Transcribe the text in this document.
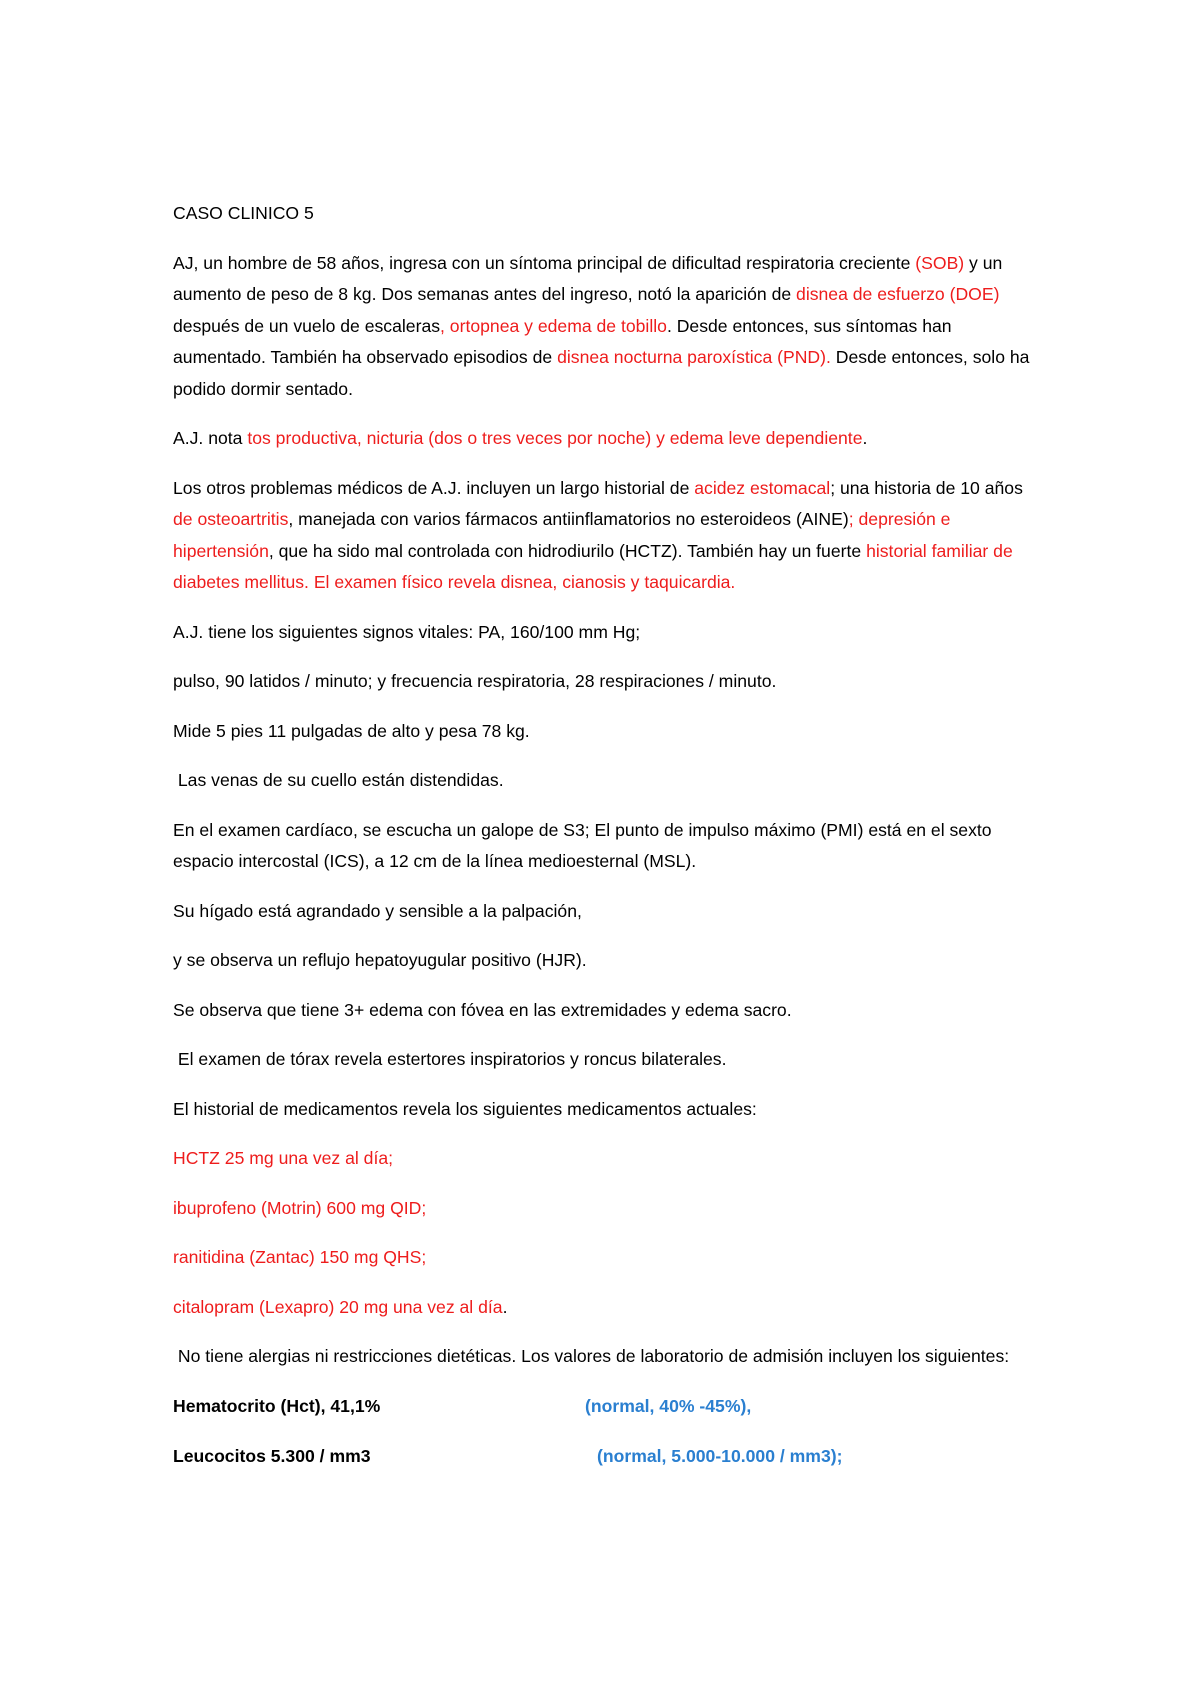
CASO CLINICO 5

AJ, un hombre de 58 años, ingresa con un síntoma principal de dificultad respiratoria creciente (SOB) y un aumento de peso de 8 kg. Dos semanas antes del ingreso, notó la aparición de disnea de esfuerzo (DOE) después de un vuelo de escaleras, ortopnea y edema de tobillo. Desde entonces, sus síntomas han aumentado. También ha observado episodios de disnea nocturna paroxística (PND). Desde entonces, solo ha podido dormir sentado.

A.J. nota tos productiva, nicturia (dos o tres veces por noche) y edema leve dependiente.

Los otros problemas médicos de A.J. incluyen un largo historial de acidez estomacal; una historia de 10 años de osteoartritis, manejada con varios fármacos antiinflamatorios no esteroideos (AINE); depresión e hipertensión, que ha sido mal controlada con hidrodiurilo (HCTZ). También hay un fuerte historial familiar de diabetes mellitus. El examen físico revela disnea, cianosis y taquicardia.

A.J. tiene los siguientes signos vitales: PA, 160/100 mm Hg;

pulso, 90 latidos / minuto; y frecuencia respiratoria, 28 respiraciones / minuto.

Mide 5 pies 11 pulgadas de alto y pesa 78 kg.

Las venas de su cuello están distendidas.

En el examen cardíaco, se escucha un galope de S3; El punto de impulso máximo (PMI) está en el sexto espacio intercostal (ICS), a 12 cm de la línea medioesternal (MSL).

Su hígado está agrandado y sensible a la palpación,

y se observa un reflujo hepatoyugular positivo (HJR).

Se observa que tiene 3+ edema con fóvea en las extremidades y edema sacro.

El examen de tórax revela estertores inspiratorios y roncus bilaterales.

El historial de medicamentos revela los siguientes medicamentos actuales:

HCTZ 25 mg una vez al día;

ibuprofeno (Motrin) 600 mg QID;

ranitidina (Zantac) 150 mg QHS;

citalopram (Lexapro) 20 mg una vez al día.

No tiene alergias ni restricciones dietéticas. Los valores de laboratorio de admisión incluyen los siguientes:

Hematocrito (Hct), 41,1%	(normal, 40% -45%),
Leucocitos 5.300 / mm3	(normal, 5.000-10.000 / mm3);
